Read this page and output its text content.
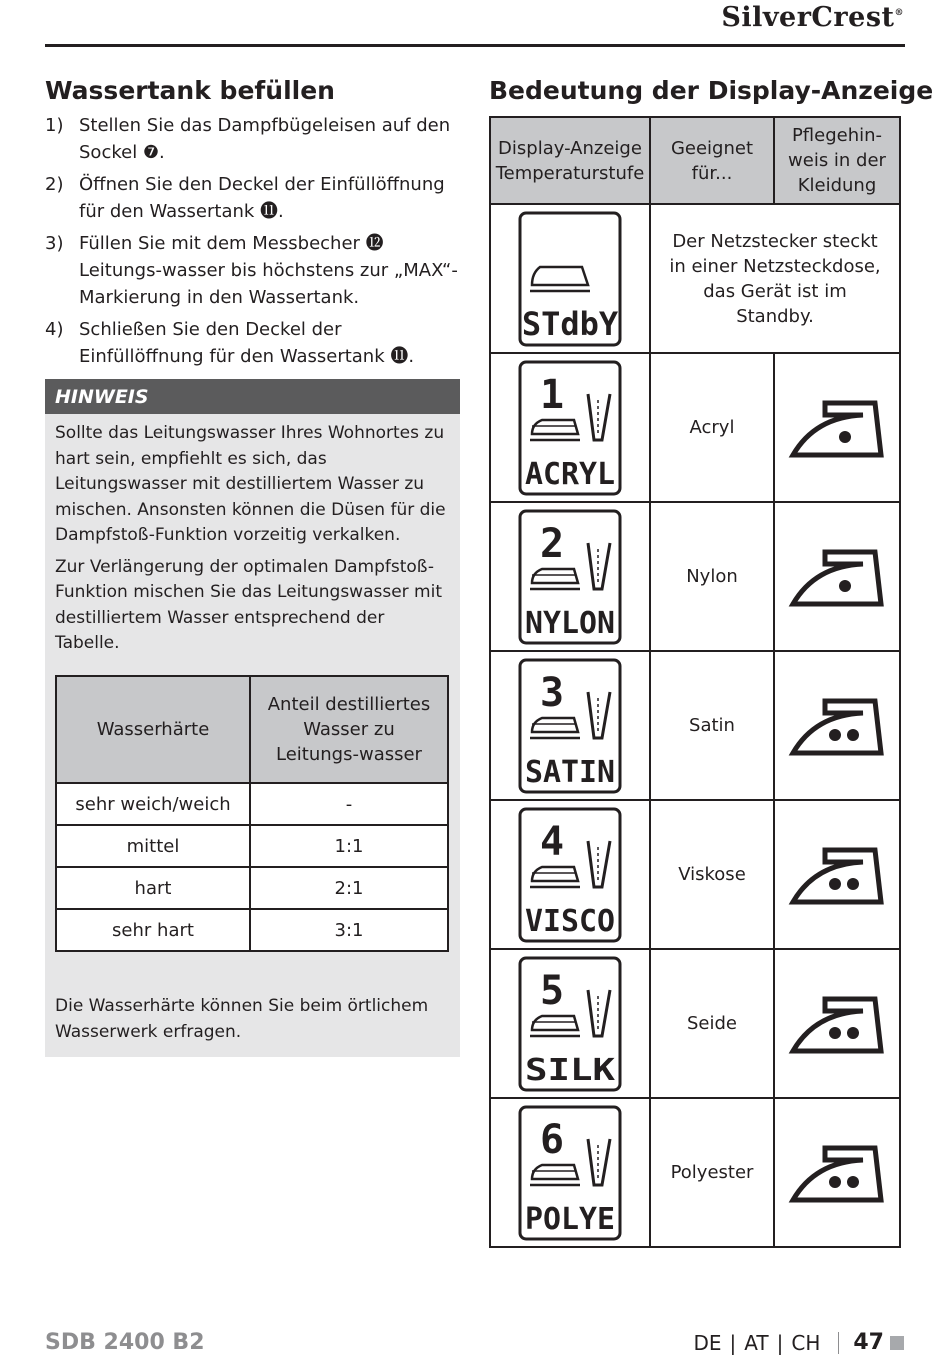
SilverCrest®
Wassertank befüllen	Bedeutung der Display-Anzeige
1) Stellen Sie das Dampfbügeleisen auf den Sockel ❼.
2) Öffnen Sie den Deckel der Einfüllöffnung für den Wassertank ⓫.
3) Füllen Sie mit dem Messbecher ⓬ Leitungs-wasser bis höchstens zur „MAX“-Markierung in den Wassertank.
4) Schließen Sie den Deckel der Einfüllöffnung für den Wassertank ⓫.
HINWEIS

Sollte das Leitungswasser Ihres Wohnortes zu hart sein, empfiehlt es sich, das Leitungswasser mit destilliertem Wasser zu mischen. Ansonsten können die Düsen für die Dampfstoß-Funktion vorzeitig verkalken.

Zur Verlängerung der optimalen Dampfstoß-Funktion mischen Sie das Leitungswasser mit destilliertem Wasser entsprechend der Tabelle.

Wasserhärte	Anteil destilliertes Wasser zu Leitungs-wasser
sehr weich/weich	-
mittel	1:1
hart	2:1
sehr hart	3:1

Die Wasserhärte können Sie beim örtlichem Wasserwerk erfragen.

Display-Anzeige Temperaturstufe	Geeignet für...	Pflegehin-weis in der Kleidung

STdbY	Der Netzstecker steckt in einer Netzsteckdose, das Gerät ist im Standby.	

1
ACRYL	Acryl	

2
NYLON	Nylon	

3
SATIN	Satin	

4
VISCO	Viskose	

5
SILK	Seide	

6
POLYE	Polyester	
SDB 2400 B2	DE | AT | CH 47
